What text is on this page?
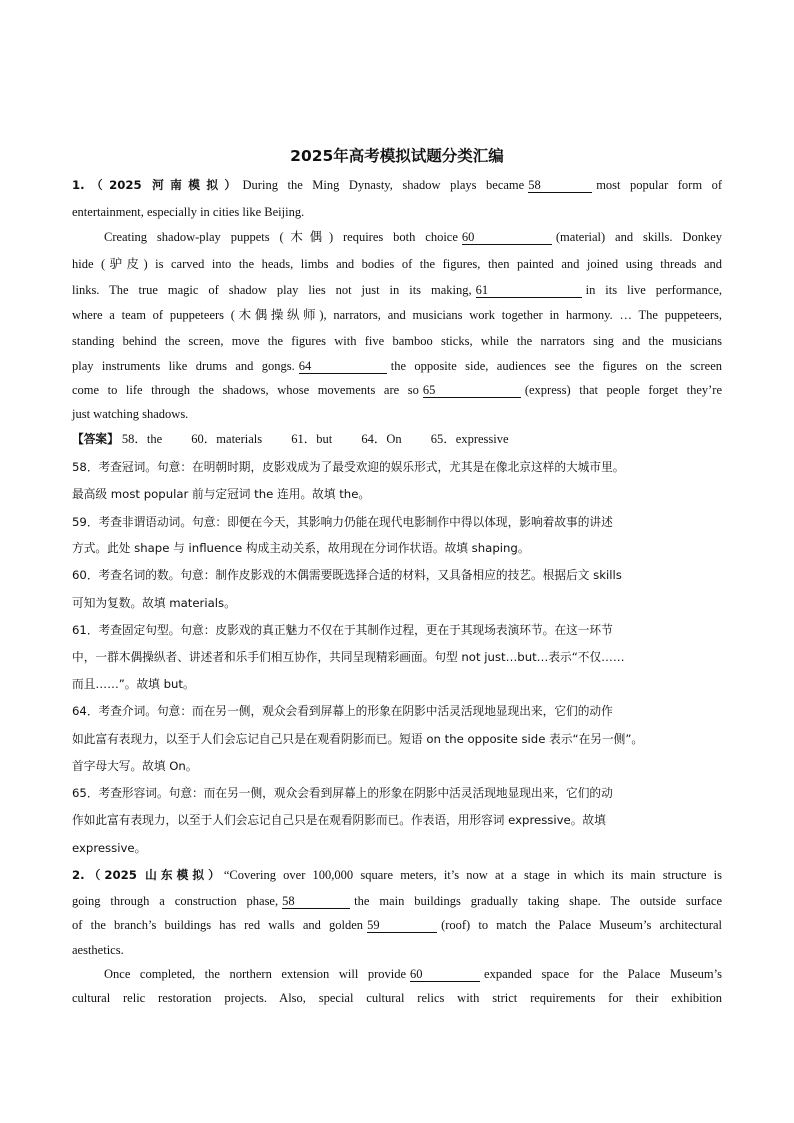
2025年高考模拟试题分类汇编
1.（2025 河南模拟）During the Ming Dynasty, shadow plays became 58	most popular form of
entertainment, especially in cities like Beijing.
Creating shadow-play puppets (木偶) requires both choice 60	(material) and skills. Donkey
hide (驴皮) is carved into the heads, limbs and bodies of the figures, then painted and joined using threads and
links. The true magic of shadow play lies not just in its making, 61	in its live performance,
where a team of puppeteers (木偶操纵师), narrators, and musicians work together in harmony. … The puppeteers,
standing behind the screen, move the figures with five bamboo sticks, while the narrators sing and the musicians
play instruments like drums and gongs. 64	the opposite side, audiences see the figures on the screen
come to life through the shadows, whose movements are so 65	(express) that people forget they’re
just watching shadows.
【答案】 58．the 60．materials 61．but 64．On 65．expressive
58．考查冠词。句意：在明朝时期，皮影戏成为了最受欢迎的娱乐形式，尤其是在像北京这样的大城市里。
最高级 most popular 前与定冠词 the 连用。故填 the。
59．考查非谓语动词。句意：即便在今天，其影响力仍能在现代电影制作中得以体现，影响着故事的讲述
方式。此处 shape 与 influence 构成主动关系，故用现在分词作状语。故填 shaping。
60．考查名词的数。句意：制作皮影戏的木偶需要既选择合适的材料，又具备相应的技艺。根据后文 skills
可知为复数。故填 materials。
61．考查固定句型。句意：皮影戏的真正魅力不仅在于其制作过程，更在于其现场表演环节。在这一环节
中，一群木偶操纵者、讲述者和乐手们相互协作，共同呈现精彩画面。句型 not just…but…表示“不仅……
而且……”。故填 but。
64．考查介词。句意：而在另一侧，观众会看到屏幕上的形象在阴影中活灵活现地显现出来，它们的动作
如此富有表现力，以至于人们会忘记自己只是在观看阴影而已。短语 on the opposite side 表示“在另一侧”。
首字母大写。故填 On。
65．考查形容词。句意：而在另一侧，观众会看到屏幕上的形象在阴影中活灵活现地显现出来，它们的动
作如此富有表现力，以至于人们会忘记自己只是在观看阴影而已。作表语，用形容词 expressive。故填
expressive。
2.（2025 山东模拟）“Covering over 100,000 square meters, it’s now at a stage in which its main structure is
going through a construction phase, 58	the main buildings gradually taking shape. The outside surface
of the branch’s buildings has red walls and golden 59	(roof) to match the Palace Museum’s architectural
aesthetics.
Once completed, the northern extension will provide 60	expanded space for the Palace Museum’s
cultural relic restoration projects. Also, special cultural relics with strict requirements for their exhibition
